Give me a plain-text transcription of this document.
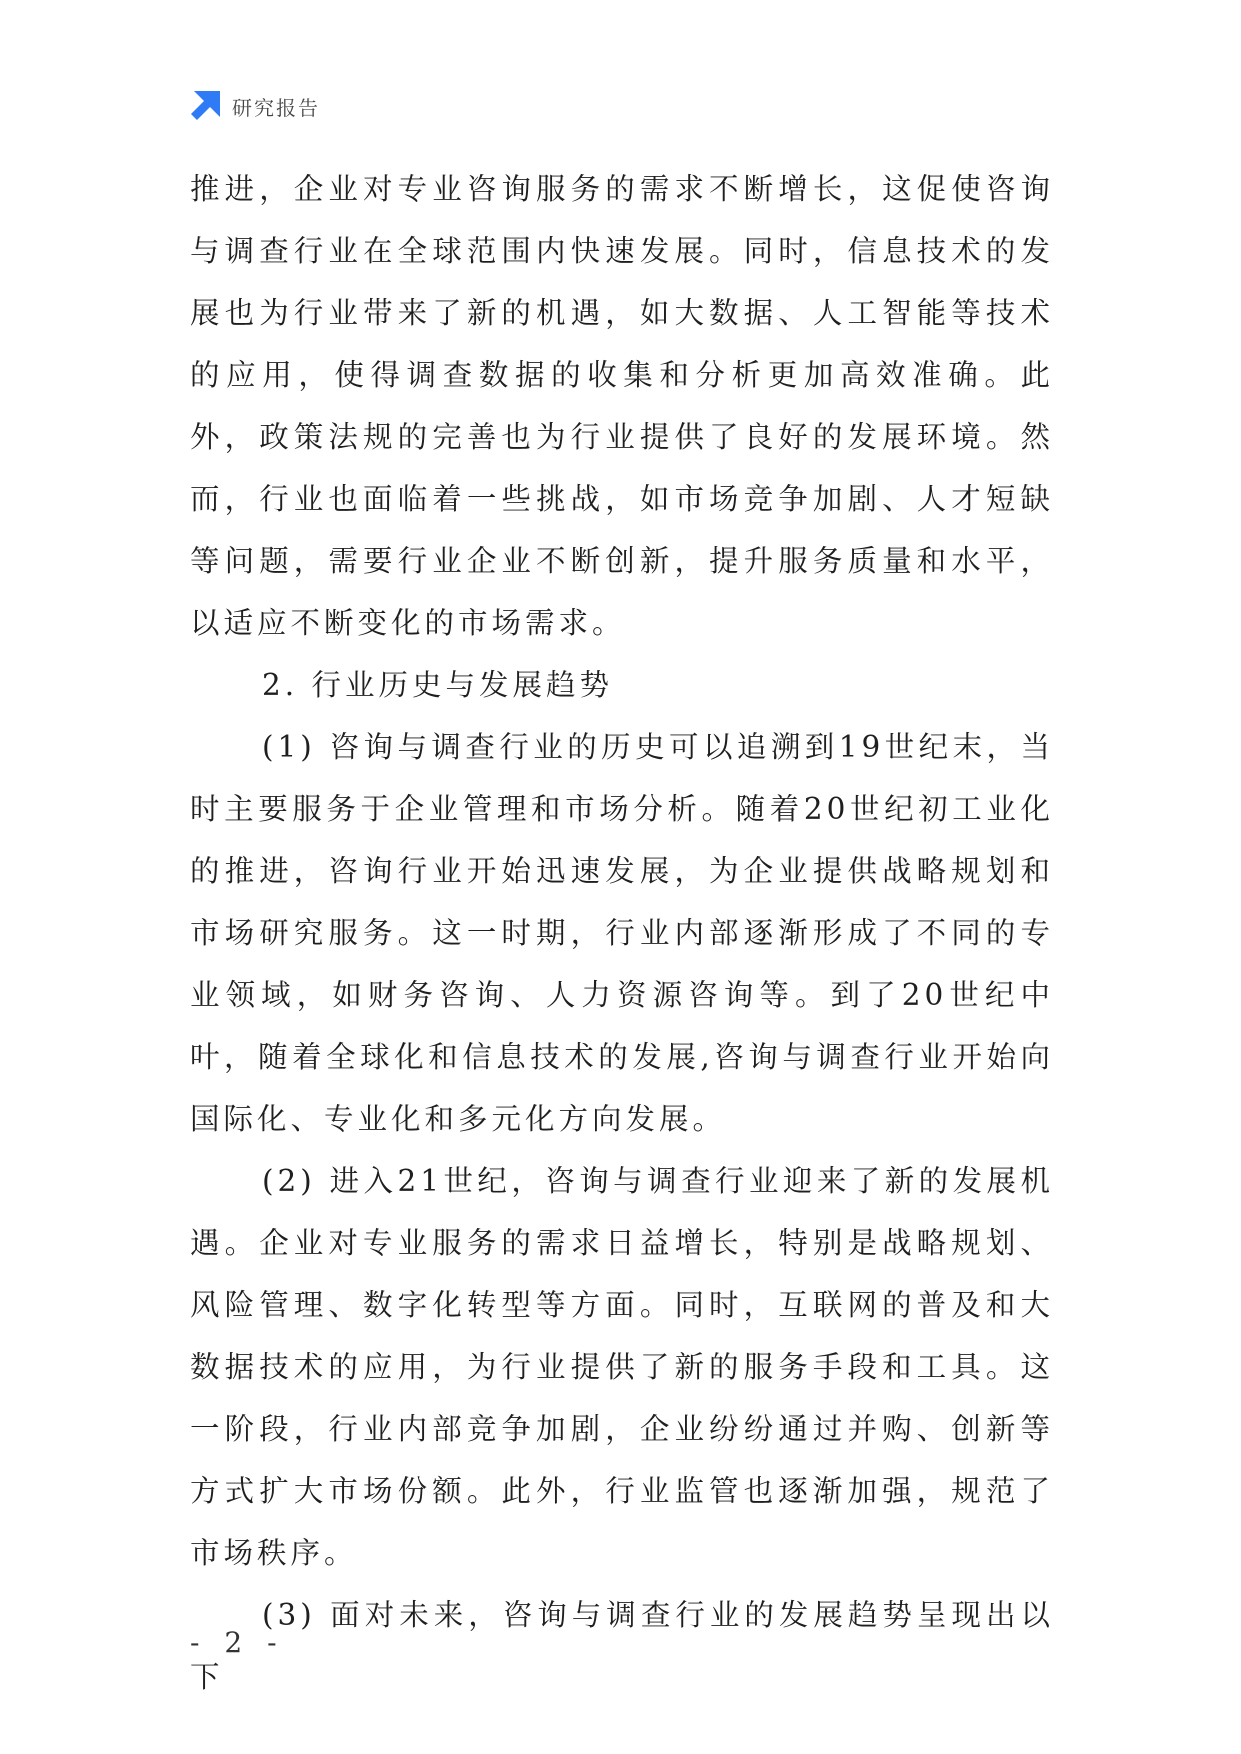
研究报告

推进，企业对专业咨询服务的需求不断增长，这促使咨询与调查行业在全球范围内快速发展。同时，信息技术的发展也为行业带来了新的机遇，如大数据、人工智能等技术的应用，使得调查数据的收集和分析更加高效准确。此外，政策法规的完善也为行业提供了良好的发展环境。然而，行业也面临着一些挑战，如市场竞争加剧、人才短缺等问题，需要行业企业不断创新，提升服务质量和水平，以适应不断变化的市场需求。

2. 行业历史与发展趋势

(1) 咨询与调查行业的历史可以追溯到19世纪末，当时主要服务于企业管理和市场分析。随着20世纪初工业化的推进，咨询行业开始迅速发展，为企业提供战略规划和市场研究服务。这一时期，行业内部逐渐形成了不同的专业领域，如财务咨询、人力资源咨询等。到了20世纪中叶，随着全球化和信息技术的发展,咨询与调查行业开始向国际化、专业化和多元化方向发展。

(2) 进入21世纪，咨询与调查行业迎来了新的发展机遇。企业对专业服务的需求日益增长，特别是战略规划、风险管理、数字化转型等方面。同时，互联网的普及和大数据技术的应用，为行业提供了新的服务手段和工具。这一阶段，行业内部竞争加剧，企业纷纷通过并购、创新等方式扩大市场份额。此外，行业监管也逐渐加强，规范了市场秩序。

(3) 面对未来，咨询与调查行业的发展趋势呈现出以下

- 2 -
